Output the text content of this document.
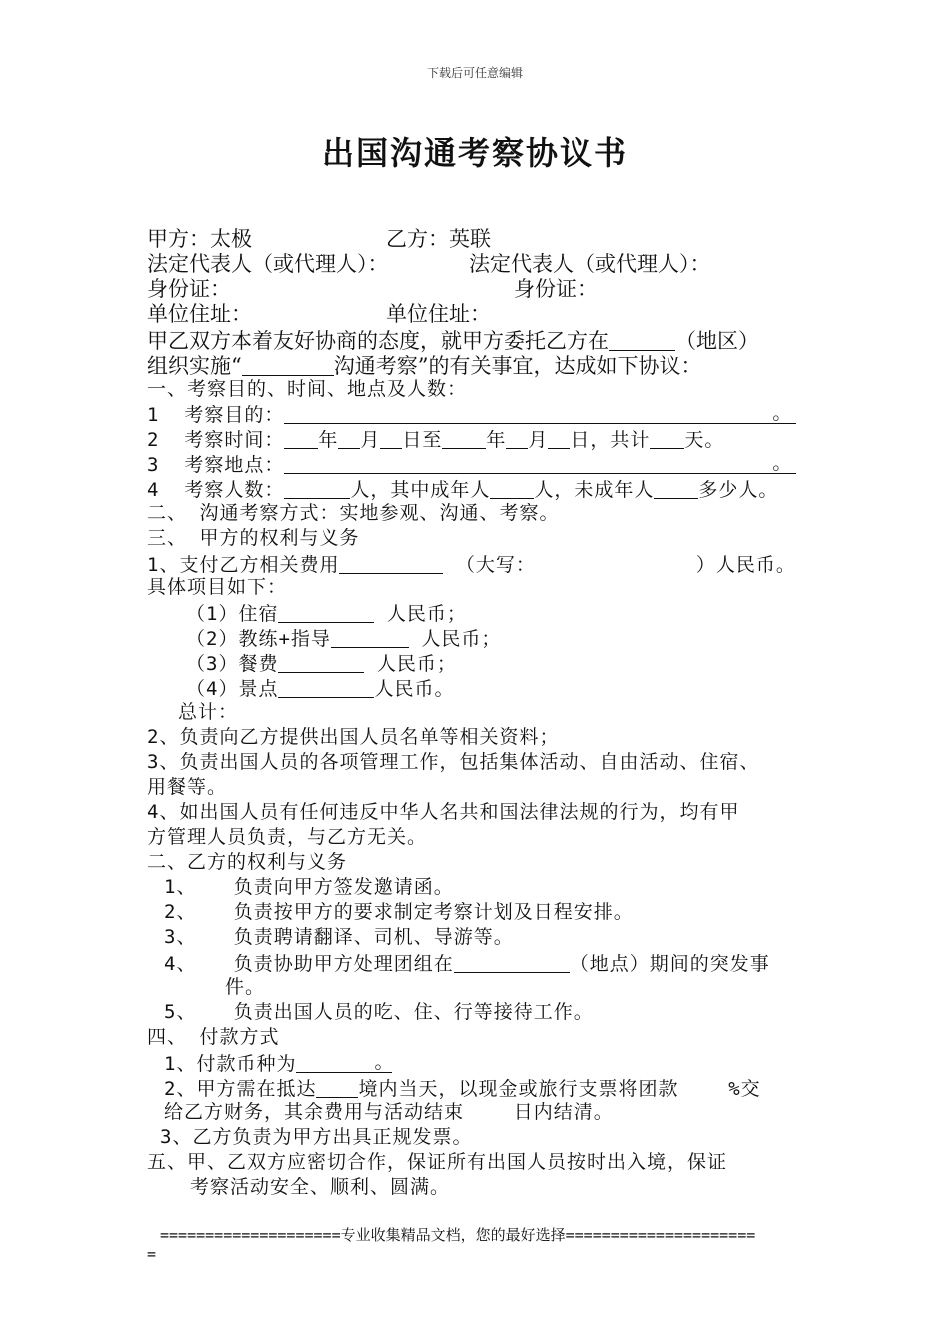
下载后可任意编辑
出国沟通考察协议书
甲方：太极	乙方：英联
法定代表人（或代理人）：	法定代表人（或代理人）：
身份证：	身份证：
单位住址：	单位住址：
甲乙双方本着友好协商的态度，就甲方委托乙方在	（地区）
组织实施“	沟通考察”的有关事宜，达成如下协议：
一、考察目的、时间、地点及人数：
1  考察目的：	。
2  考察时间： 年 月 日至 年 月 日，共计 天。
3  考察地点：	。
4  考察人数：	人，其中成年人 人，未成年人 多少人。
二、 沟通考察方式：实地参观、沟通、考察。
三、 甲方的权利与义务
1、支付乙方相关费用	（大写：	）人民币。
具体项目如下：
（1）住宿	人民币；
（2）教练+指导	人民币；
（3）餐费	人民币；
（4）景点	人民币。
总计：
2、负责向乙方提供出国人员名单等相关资料；
3、负责出国人员的各项管理工作，包括集体活动、自由活动、住宿、
用餐等。
4、如出国人员有任何违反中华人名共和国法律法规的行为，均有甲
方管理人员负责，与乙方无关。
二、乙方的权利与义务
1、   负责向甲方签发邀请函。
2、   负责按甲方的要求制定考察计划及日程安排。
3、   负责聘请翻译、司机、导游等。
4、   负责协助甲方处理团组在	（地点）期间的突发事
件。
5、   负责出国人员的吃、住、行等接待工作。
四、 付款方式
1、付款币种为	。
2、甲方需在抵达 境内当天，以现金或旅行支票将团款    %交
给乙方财务，其余费用与活动结束    日内结清。
3、乙方负责为甲方出具正规发票。
五、甲、乙双方应密切合作，保证所有出国人员按时出入境，保证
考察活动安全、顺利、圆满。
====================专业收集精品文档，您的最好选择=====================
=
